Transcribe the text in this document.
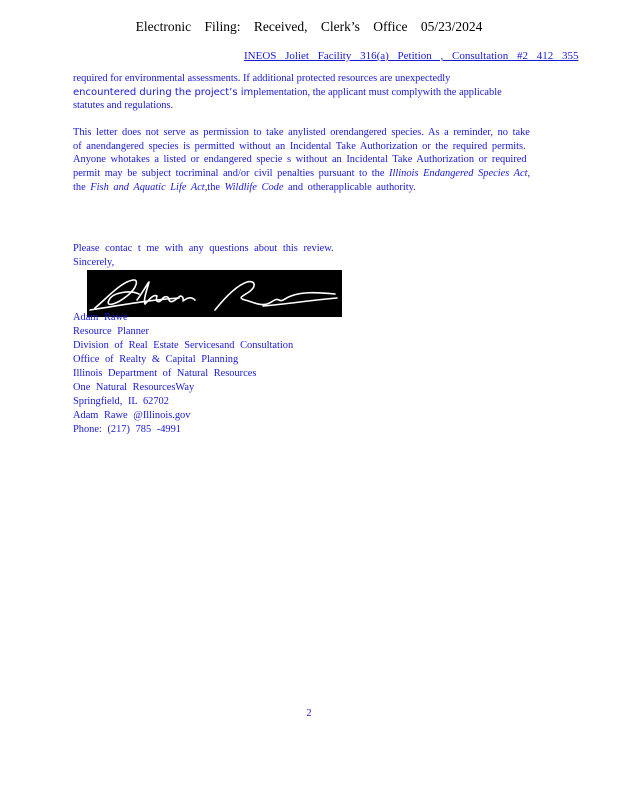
Electronic Filing: Received, Clerk’s Office 05/23/2024
INEOS Joliet Facility 316(a) Petition , Consultation #2 412 355
required for environmental assessments. If additional protected resources are unexpectedly
encountered during the project’s implementation, the applicant must complywith the applicable statutes and regulations.
This letter does not serve as permission to take anylisted orendangered species. As a reminder, no take of anendangered species is permitted without an Incidental Take Authorization or the required permits. Anyone whotakes a listed or endangered specie s without an Incidental Take Authorization or required permit may be subject tocriminal and/or civil penalties pursuant to the Illinois Endangered Species Act, the Fish and Aquatic Life Act,the Wildlife Code and otherapplicable authority.
Please contac t me with any questions about this review.
Sincerely,
Adam Rawe
Resource Planner
Division of Real Estate Servicesand Consultation
Office of Realty & Capital Planning
Illinois Department of Natural Resources
One Natural ResourcesWay
Springfield, IL 62702
Adam Rawe @Illinois.gov
Phone: (217) 785 -4991
2
